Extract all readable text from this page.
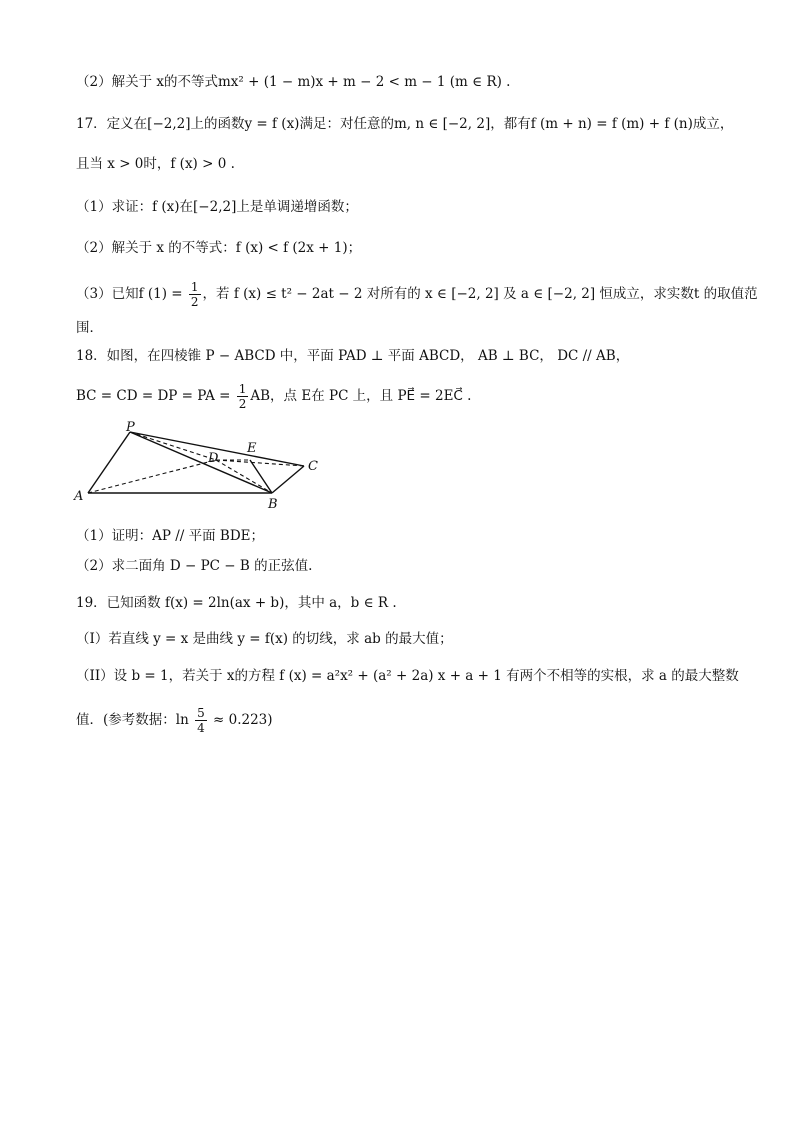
（2）解关于 x的不等式mx² + (1 − m)x + m − 2 < m − 1 (m ∈ R) .
17．定义在[−2,2]上的函数y = f (x)满足：对任意的m, n ∈ [−2, 2]，都有f (m + n) = f (m) + f (n)成立，
且当 x > 0时，f (x) > 0 .
（1）求证：f (x)在[−2,2]上是单调递增函数；
（2）解关于 x 的不等式：f (x) < f (2x + 1)；
（3）已知f $(1) = \frac{1}{2}$ ，若 f (x) ≤ t² − 2at − 2 对所有的 x ∈ [−2, 2] 及 a ∈ [−2, 2] 恒成立，求实数t 的取值范
围．
18．如图，在四棱锥 P − ABCD 中，平面 PAD ⊥ 平面 ABCD， AB ⊥ BC， DC // AB，
BC = CD = DP = PA = $\frac{1}{2}$ AB，点 E在 PC 上，且 PE⃗ = 2EC⃗ .
P
E
D
C
A
B
（1）证明：AP // 平面 BDE；
（2）求二面角 D − PC − B 的正弦值.
19．已知函数 f(x) = 2ln(ax + b)，其中 a，b ∈ R .
（I）若直线 y = x 是曲线 y = f(x) 的切线，求 ab 的最大值；
（II）设 b = 1，若关于 x的方程 f (x) = a²x² + (a² + 2a) x + a + 1 有两个不相等的实根，求 a 的最大整数
值．(参考数据：$\ln \frac{5}{4} \approx 0.223$)
